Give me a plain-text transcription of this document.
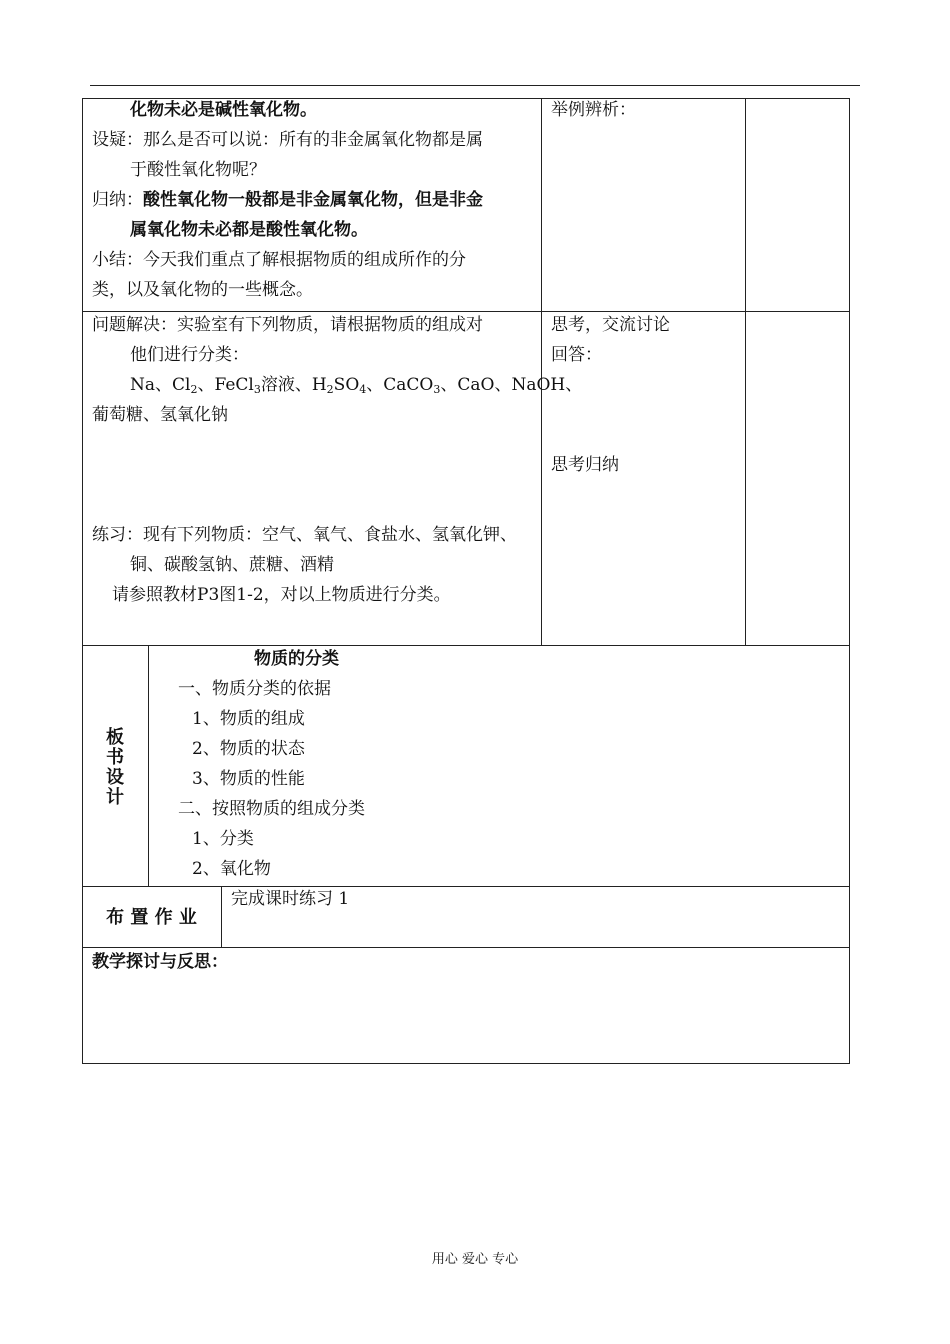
化物未必是碱性氧化物。
设疑：那么是否可以说：所有的非金属氧化物都是属
于酸性氧化物呢？
归纳：酸性氧化物一般都是非金属氧化物，但是非金
属氧化物未必都是酸性氧化物。
小结：今天我们重点了解根据物质的组成所作的分
类，以及氧化物的一些概念。
举例辨析：
问题解决：实验室有下列物质，请根据物质的组成对
他们进行分类：
Na、$Cl_2$、FeCl$_3$溶液、$H_2SO_4$、CaCO$_3$、CaO、NaOH、
葡萄糖、氢氧化钠
练习：现有下列物质：空气、氧气、食盐水、氢氧化钾、
铜、碳酸氢钠、蔗糖、酒精
请参照教材P3图1-2，对以上物质进行分类。
思考，交流讨论
回答：
思考归纳
板
书
设
计
物质的分类
一、物质分类的依据
1、物质的组成
2、物质的状态
3、物质的性能
二、按照物质的组成分类
1、分类
2、氧化物
布 置 作 业
完成课时练习 1
教学探讨与反思：
用心 爱心 专心
